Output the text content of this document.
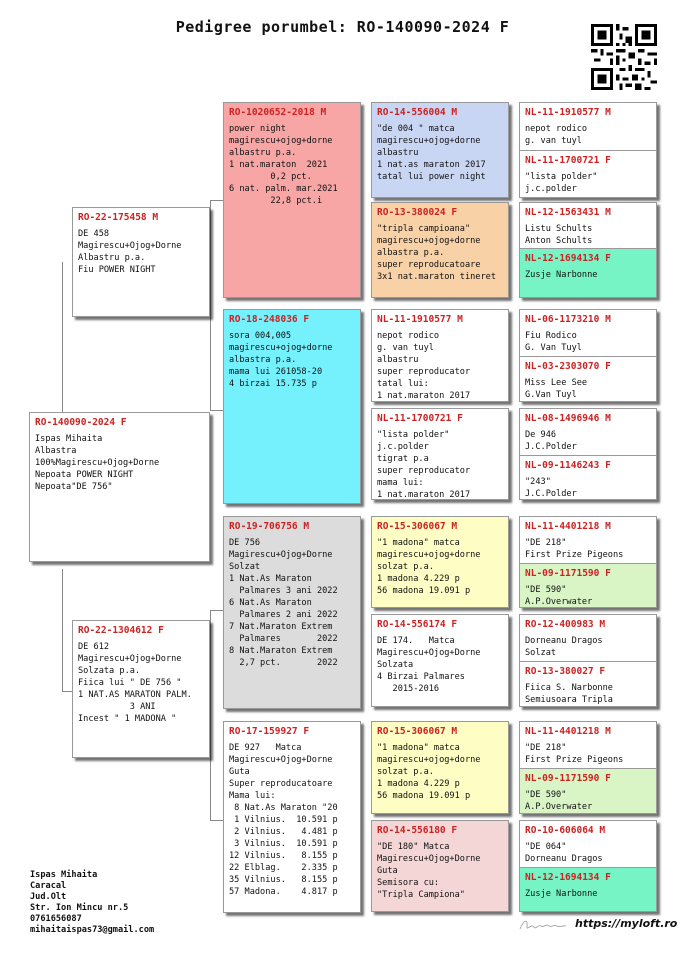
Pedigree porumbel: RO-140090-2024 F
RO-140090-2024 F
Ispas Mihaita
Albastra
100%Magirescu+Ojog+Dorne
Nepoata POWER NIGHT
Nepoata"DE 756"
RO-22-175458 M
DE 458
Magirescu+Ojog+Dorne
Albastru p.a.
Fiu POWER NIGHT
RO-22-1304612 F
DE 612
Magirescu+Ojog+Dorne
Solzata p.a.
Fiica lui " DE 756 "
1 NAT.AS MARATON PALM.
3 ANI
Incest " 1 MADONA "
RO-1020652-2018 M
power night
magirescu+ojog+dorne
albastru p.a.
1 nat.maraton  2021
0,2 pct.
6 nat. palm. mar.2021
22,8 pct.i
RO-18-248036 F
sora 004,005
magirescu+ojog+dorne
albastra p.a.
mama lui 261058-20
4 birzai 15.735 p
RO-19-706756 M
DE 756
Magirescu+Ojog+Dorne
Solzat
1 Nat.As Maraton
Palmares 3 ani 2022
6 Nat.As Maraton
Palmares 2 ani 2022
7 Nat.Maraton Extrem
Palmares       2022
8 Nat.Maraton Extrem
2,7 pct.       2022
RO-17-159927 F
DE 927   Matca
Magirescu+Ojog+Dorne
Guta
Super reproducatoare
Mama lui:
8 Nat.As Maraton "20
1 Vilnius.  10.591 p
2 Vilnius.   4.481 p
3 Vilnius.  10.591 p
12 Vilnius.   8.155 p
22 Elblag.    2.335 p
35 Vilnius.   8.155 p
57 Madona.    4.817 p
RO-14-556004 M
"de 004 " matca
magirescu+ojog+dorne
albastru
1 nat.as maraton 2017
tatal lui power night
RO-13-380024 F
"tripla campioana"
magirescu+ojog+dorne
albastra p.a.
super reproducatoare
3x1 nat.maraton tineret
NL-11-1910577 M
nepot rodico
g. van tuyl
albastru
super reproducator
tatal lui:
1 nat.maraton 2017
NL-11-1700721 F
"lista polder"
j.c.polder
tigrat p.a
super reproducator
mama lui:
1 nat.maraton 2017
RO-15-306067 M
"1 madona" matca
magirescu+ojog+dorne
solzat p.a.
1 madona 4.229 p
56 madona 19.091 p
RO-14-556174 F
DE 174.   Matca
Magirescu+Ojog+Dorne
Solzata
4 Birzai Palmares
2015-2016
RO-15-306067 M
"1 madona" matca
magirescu+ojog+dorne
solzat p.a.
1 madona 4.229 p
56 madona 19.091 p
RO-14-556180 F
"DE 180" Matca
Magirescu+Ojog+Dorne
Guta
Semisora cu:
"Tripla Campiona"
NL-11-1910577 M
nepot rodico
g. van tuyl
NL-11-1700721 F
"lista polder"
j.c.polder
NL-12-1563431 M
Listu Schults
Anton Schults
NL-12-1694134 F
Zusje Narbonne
NL-06-1173210 M
Fiu Rodico
G. Van Tuyl
NL-03-2303070 F
Miss Lee See
G.Van Tuyl
NL-08-1496946 M
De 946
J.C.Polder
NL-09-1146243 F
"243"
J.C.Polder
NL-11-4401218 M
"DE 218"
First Prize Pigeons
NL-09-1171590 F
"DE 590"
A.P.Overwater
RO-12-400983 M
Dorneanu Dragos
Solzat
RO-13-380027 F
Fiica S. Narbonne
Semiusoara Tripla
NL-11-4401218 M
"DE 218"
First Prize Pigeons
NL-09-1171590 F
"DE 590"
A.P.Overwater
RO-10-606064 M
"DE 064"
Dorneanu Dragos
NL-12-1694134 F
Zusje Narbonne
Ispas Mihaita
Caracal
Jud.Olt
Str. Ion Mincu nr.5
0761656087
mihaitaispas73@gmail.com	https://myloft.ro
